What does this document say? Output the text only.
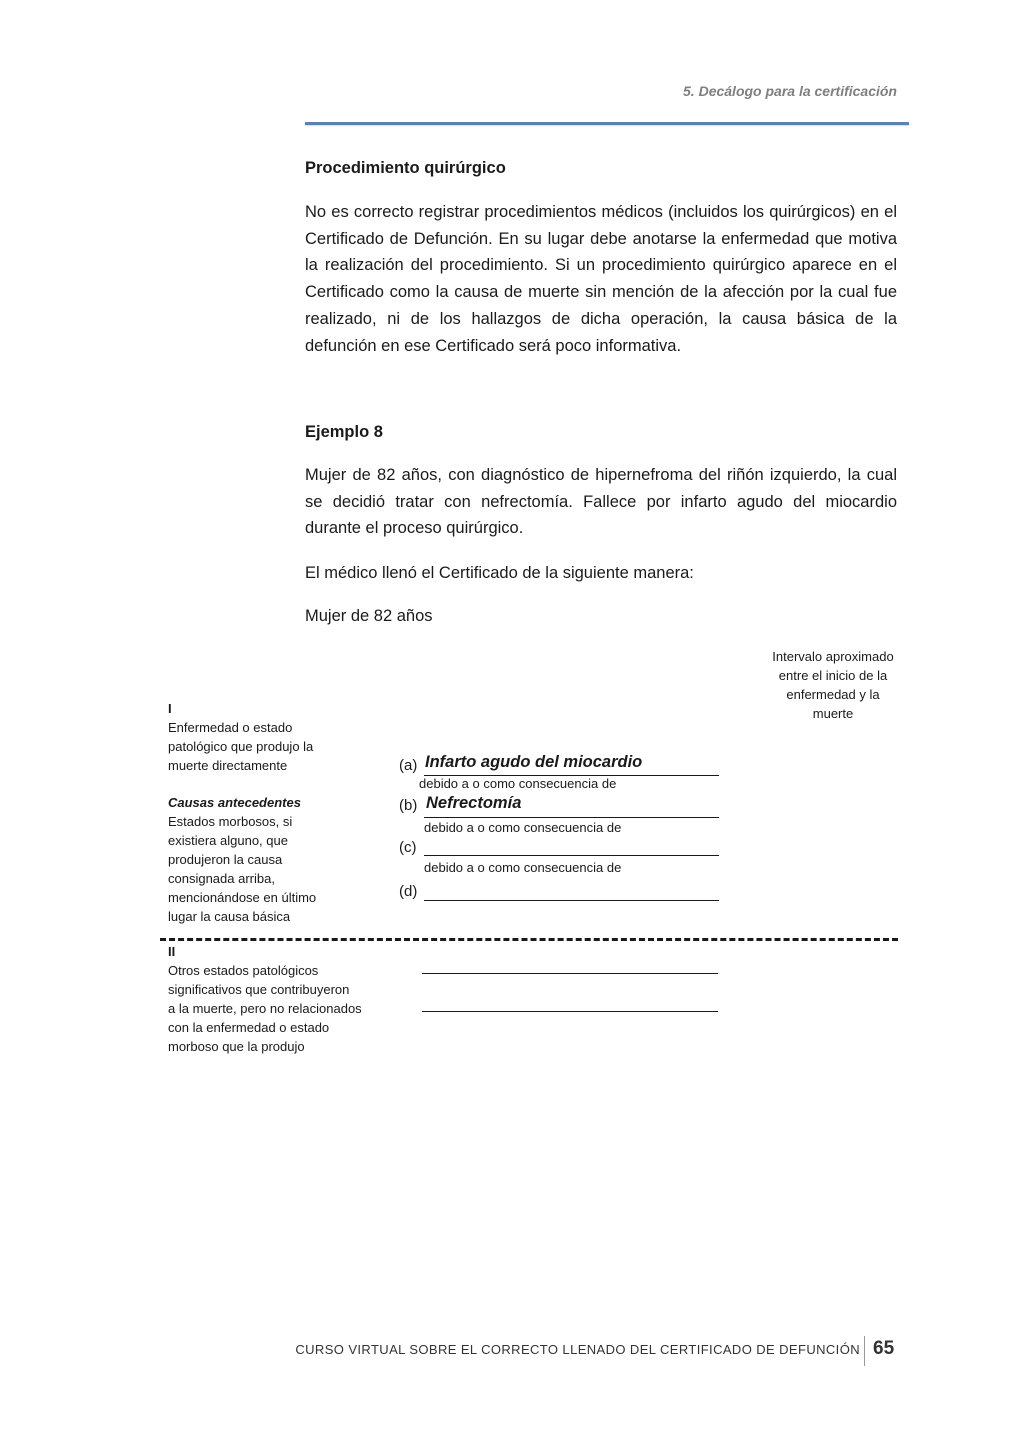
5. Decálogo para la certificación
Procedimiento quirúrgico

No es correcto registrar procedimientos médicos (incluidos los quirúrgicos) en el Certificado de Defunción. En su lugar debe anotarse la enfermedad que motiva la realización del procedimiento. Si un procedimiento quirúrgico aparece en el Certificado como la causa de muerte sin mención de la afección por la cual fue realizado, ni de los hallazgos de dicha operación, la causa básica de la defunción en ese Certificado será poco informativa.

Ejemplo 8

Mujer de 82 años, con diagnóstico de hipernefroma del riñón izquierdo, la cual se decidió tratar con nefrectomía. Fallece por infarto agudo del miocardio durante el proceso quirúrgico.

El médico llenó el Certificado de la siguiente manera:
Mujer de 82 años
Intervalo aproximado
entre el inicio de la
enfermedad y la
muerte
I
Enfermedad o estado
patológico que produjo la
muerte directamente
Causas antecedentes
Estados morbosos, si
existiera alguno, que
produjeron la causa
consignada arriba,
mencionándose en último
lugar la causa básica
(a) Infarto agudo del miocardio
debido a o como consecuencia de
(b) Nefrectomía
debido a o como consecuencia de
(c)
debido a o como consecuencia de
(d)
II
Otros estados patológicos
significativos que contribuyeron
a la muerte, pero no relacionados
con la enfermedad o estado
morboso que la produjo
CURSO VIRTUAL SOBRE EL CORRECTO LLENADO DEL CERTIFICADO DE DEFUNCIÓN 65
